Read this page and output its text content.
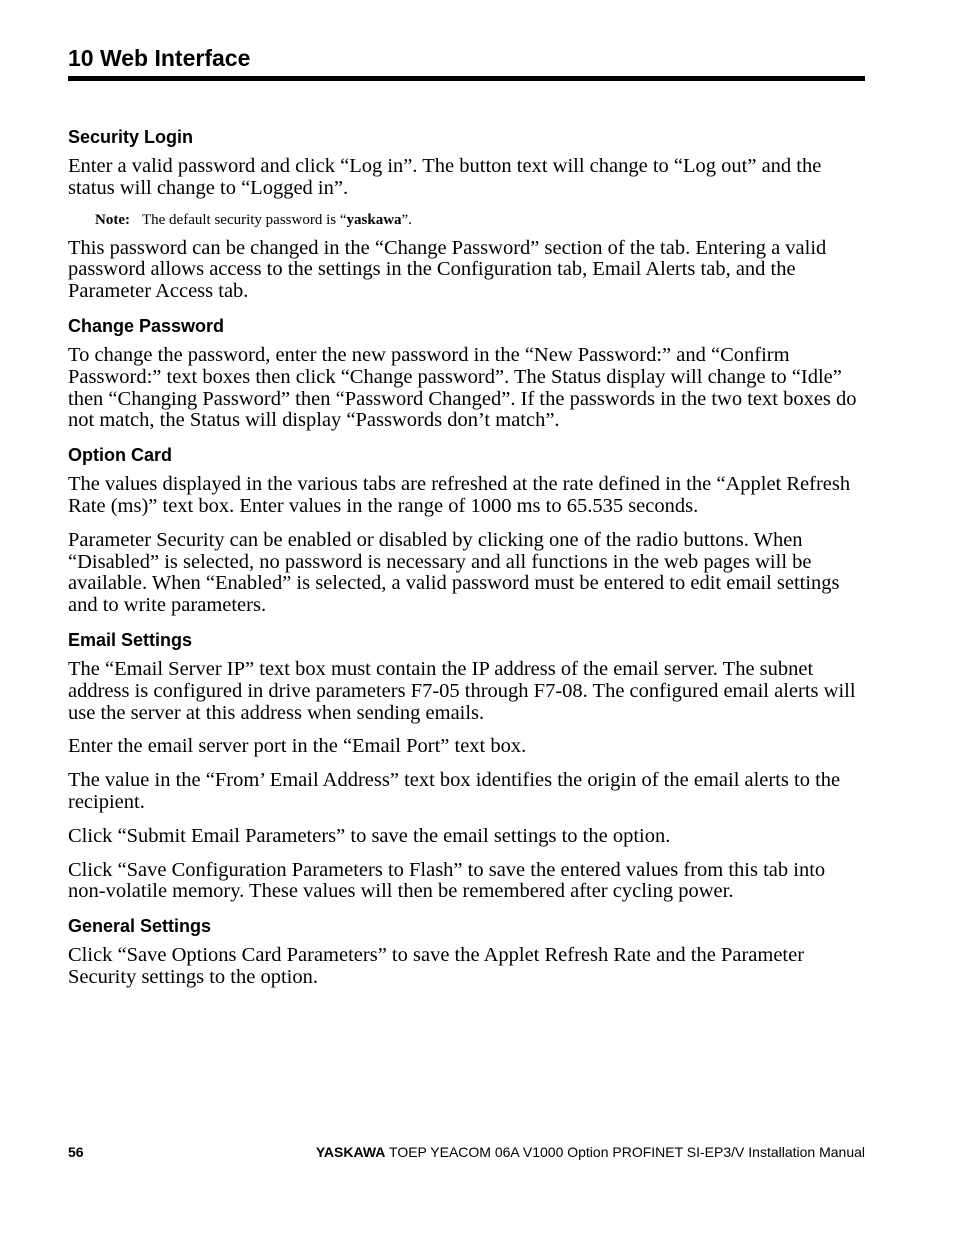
10 Web Interface
Security Login

Enter a valid password and click “Log in”. The button text will change to “Log out” and the status will change to “Logged in”.

Note: The default security password is “yaskawa”.

This password can be changed in the “Change Password” section of the tab. Entering a valid password allows access to the settings in the Configuration tab, Email Alerts tab, and the Parameter Access tab.

Change Password

To change the password, enter the new password in the “New Password:” and “Confirm Password:” text boxes then click “Change password”. The Status display will change to “Idle” then “Changing Password” then “Password Changed”. If the passwords in the two text boxes do not match, the Status will display “Passwords don’t match”.

Option Card

The values displayed in the various tabs are refreshed at the rate defined in the “Applet Refresh Rate (ms)” text box. Enter values in the range of 1000 ms to 65.535 seconds.

Parameter Security can be enabled or disabled by clicking one of the radio buttons. When “Disabled” is selected, no password is necessary and all functions in the web pages will be available. When “Enabled” is selected, a valid password must be entered to edit email settings and to write parameters.

Email Settings

The “Email Server IP” text box must contain the IP address of the email server. The subnet address is configured in drive parameters F7-05 through F7-08. The configured email alerts will use the server at this address when sending emails.

Enter the email server port in the “Email Port” text box.

The value in the “From’ Email Address” text box identifies the origin of the email alerts to the recipient.

Click “Submit Email Parameters” to save the email settings to the option.

Click “Save Configuration Parameters to Flash” to save the entered values from this tab into non-volatile memory. These values will then be remembered after cycling power.

General Settings

Click “Save Options Card Parameters” to save the Applet Refresh Rate and the Parameter Security settings to the option.

56	YASKAWA TOEP YEACOM 06A V1000 Option PROFINET SI-EP3/V Installation Manual
